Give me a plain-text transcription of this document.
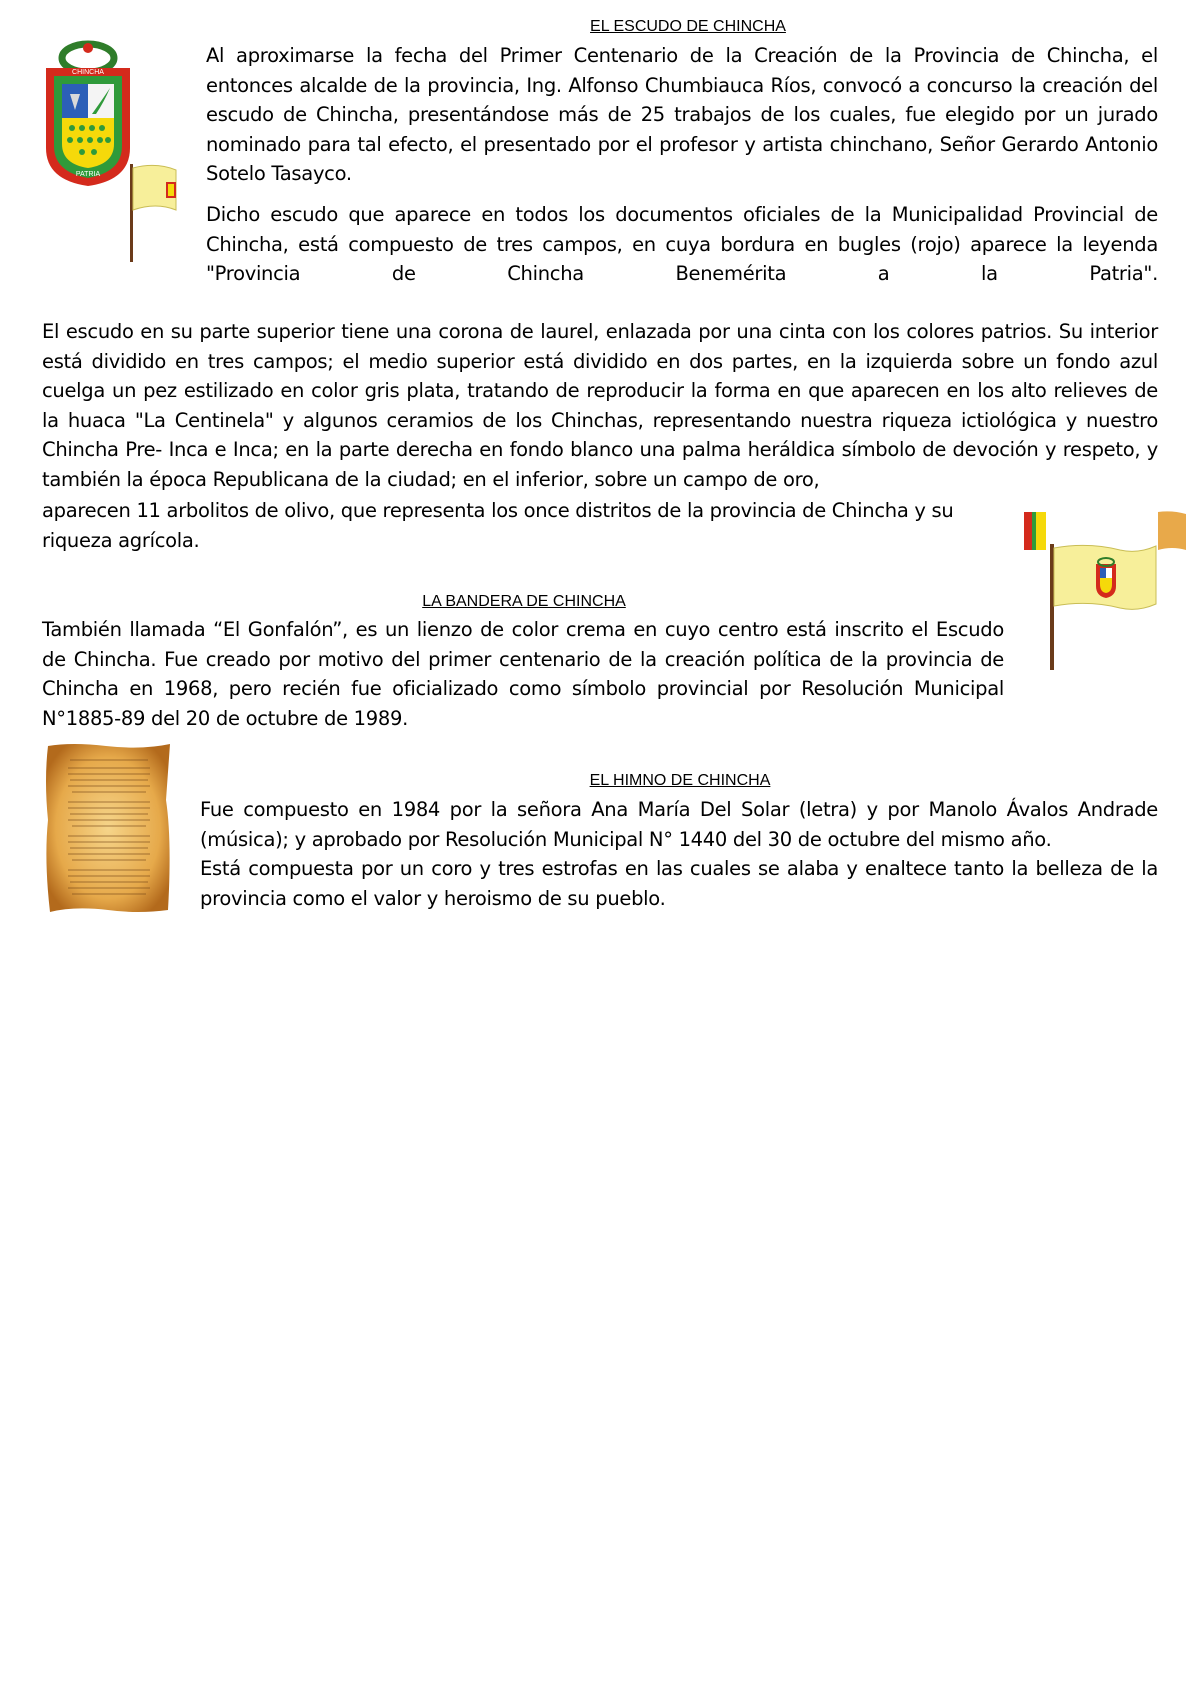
EL ESCUDO DE CHINCHA
CHINCHA
PATRIA

Al aproximarse la fecha del Primer Centenario de la Creación de la Provincia de Chincha, el entonces alcalde de la provincia, Ing. Alfonso Chumbiauca Ríos, convocó a concurso la creación del escudo de Chincha, presentándose más de 25 trabajos de los cuales, fue elegido por un jurado nominado para tal efecto, el presentado por el profesor y artista chinchano, Señor Gerardo Antonio Sotelo Tasayco.

Dicho escudo que aparece en todos los documentos oficiales de la Municipalidad Provincial de Chincha, está compuesto de tres campos, en cuya bordura en bugles (rojo) aparece la leyenda "Provincia de Chincha Benemérita a la Patria".

El escudo en su parte superior tiene una corona de laurel, enlazada por una cinta con los colores patrios. Su interior está dividido en tres campos; el medio superior está dividido en dos partes, en la izquierda sobre un fondo azul cuelga un pez estilizado en color gris plata, tratando de reproducir la forma en que aparecen en los alto relieves de la huaca "La Centinela" y algunos ceramios de los Chinchas, representando nuestra riqueza ictiológica y nuestro Chincha Pre- Inca e Inca; en la parte derecha en fondo blanco una palma heráldica símbolo de devoción y respeto, y también la época Republicana de la ciudad; en el inferior, sobre un campo de oro,

aparecen 11 arbolitos de olivo, que representa los once distritos de la provincia de Chincha y su riqueza agrícola.

LA BANDERA DE CHINCHA

También llamada “El Gonfalón”, es un lienzo de color crema en cuyo centro está inscrito el Escudo de Chincha. Fue creado por motivo del primer centenario de la creación política de la provincia de Chincha en 1968, pero recién fue oficializado como símbolo provincial por Resolución Municipal N°1885-89 del 20 de octubre de 1989.

EL HIMNO DE CHINCHA

Fue compuesto en 1984 por la señora Ana María Del Solar (letra) y por Manolo Ávalos Andrade (música); y aprobado por Resolución Municipal N° 1440 del 30 de octubre del mismo año.

Está compuesta por un coro y tres estrofas en las cuales se alaba y enaltece tanto la belleza de la provincia como el valor y heroismo de su pueblo.
